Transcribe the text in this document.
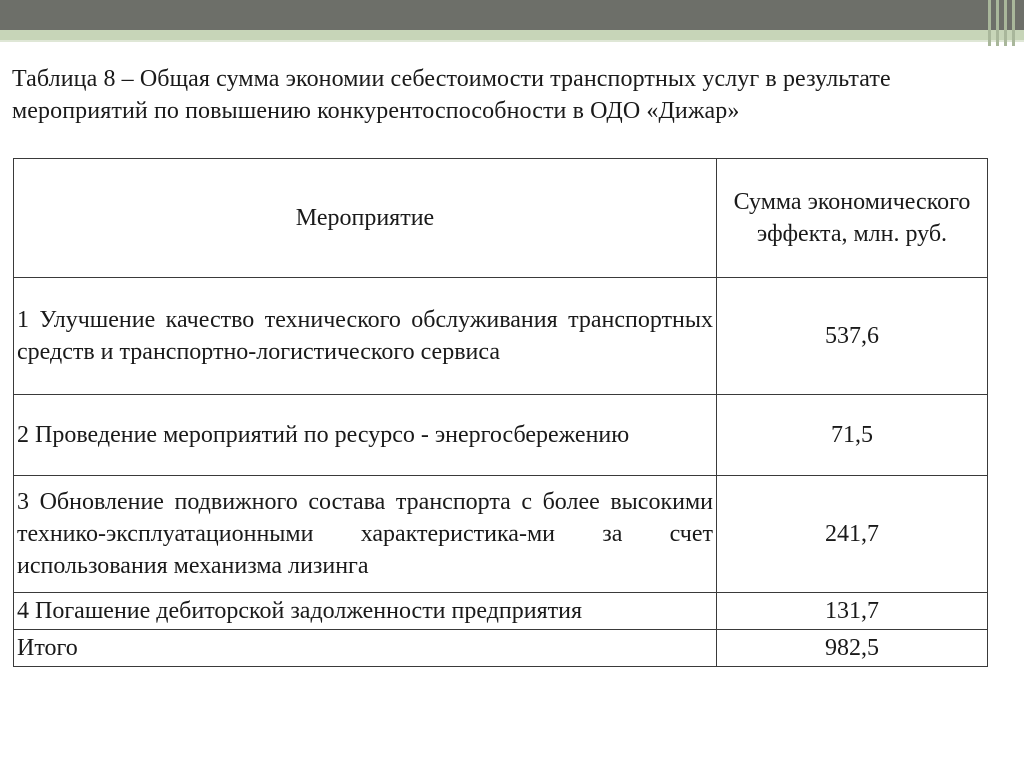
Таблица 8 – Общая сумма экономии себестоимости транспортных услуг в результате мероприятий по повышению конкурентоспособности в ОДО «Дижар»
Мероприятие	Сумма экономического эффекта, млн. руб.
1 Улучшение качество технического обслуживания транспортных средств и транспортно-логистического сервиса	537,6
2 Проведение мероприятий по ресурсо - энергосбережению	71,5
3 Обновление подвижного состава транспорта с более высокими технико-эксплуатационными характеристика-ми за счет использования механизма лизинга	241,7
4 Погашение дебиторской задолженности предприятия	131,7
Итого	982,5
